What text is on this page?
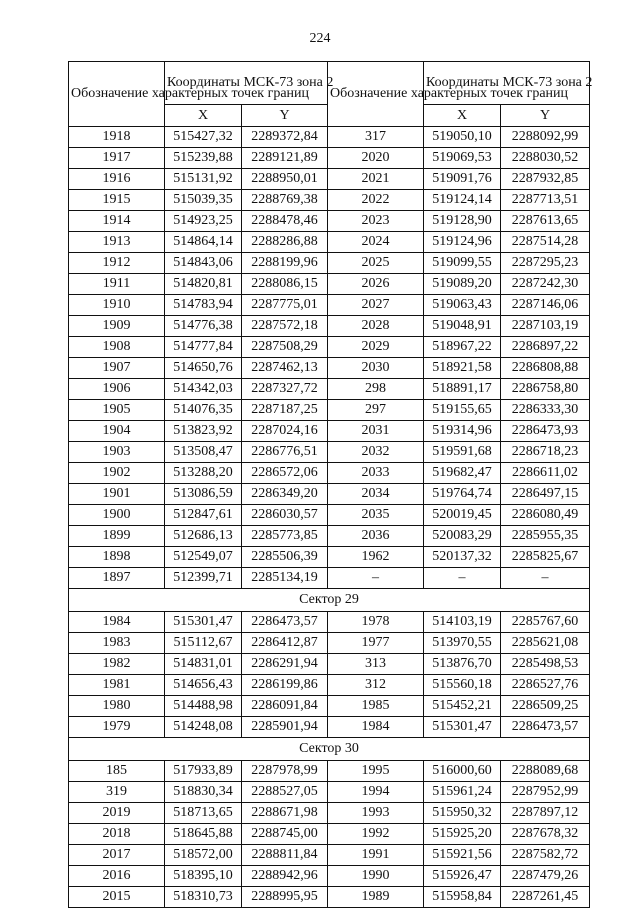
224
Обозначение характерных точек границ	Координаты МСК-73 зона 2		Обозначение характерных точек границ	Координаты МСК-73 зона 2	
	X	Y		X	Y
1918	515427,32	2289372,84	317	519050,10	2288092,99
1917	515239,88	2289121,89	2020	519069,53	2288030,52
1916	515131,92	2288950,01	2021	519091,76	2287932,85
1915	515039,35	2288769,38	2022	519124,14	2287713,51
1914	514923,25	2288478,46	2023	519128,90	2287613,65
1913	514864,14	2288286,88	2024	519124,96	2287514,28
1912	514843,06	2288199,96	2025	519099,55	2287295,23
1911	514820,81	2288086,15	2026	519089,20	2287242,30
1910	514783,94	2287775,01	2027	519063,43	2287146,06
1909	514776,38	2287572,18	2028	519048,91	2287103,19
1908	514777,84	2287508,29	2029	518967,22	2286897,22
1907	514650,76	2287462,13	2030	518921,58	2286808,88
1906	514342,03	2287327,72	298	518891,17	2286758,80
1905	514076,35	2287187,25	297	519155,65	2286333,30
1904	513823,92	2287024,16	2031	519314,96	2286473,93
1903	513508,47	2286776,51	2032	519591,68	2286718,23
1902	513288,20	2286572,06	2033	519682,47	2286611,02
1901	513086,59	2286349,20	2034	519764,74	2286497,15
1900	512847,61	2286030,57	2035	520019,45	2286080,49
1899	512686,13	2285773,85	2036	520083,29	2285955,35
1898	512549,07	2285506,39	1962	520137,32	2285825,67
1897	512399,71	2285134,19	–	–	–
Сектор 29					
1984	515301,47	2286473,57	1978	514103,19	2285767,60
1983	515112,67	2286412,87	1977	513970,55	2285621,08
1982	514831,01	2286291,94	313	513876,70	2285498,53
1981	514656,43	2286199,86	312	515560,18	2286527,76
1980	514488,98	2286091,84	1985	515452,21	2286509,25
1979	514248,08	2285901,94	1984	515301,47	2286473,57
Сектор 30					
185	517933,89	2287978,99	1995	516000,60	2288089,68
319	518830,34	2288527,05	1994	515961,24	2287952,99
2019	518713,65	2288671,98	1993	515950,32	2287897,12
2018	518645,88	2288745,00	1992	515925,20	2287678,32
2017	518572,00	2288811,84	1991	515921,56	2287582,72
2016	518395,10	2288942,96	1990	515926,47	2287479,26
2015	518310,73	2288995,95	1989	515958,84	2287261,45
